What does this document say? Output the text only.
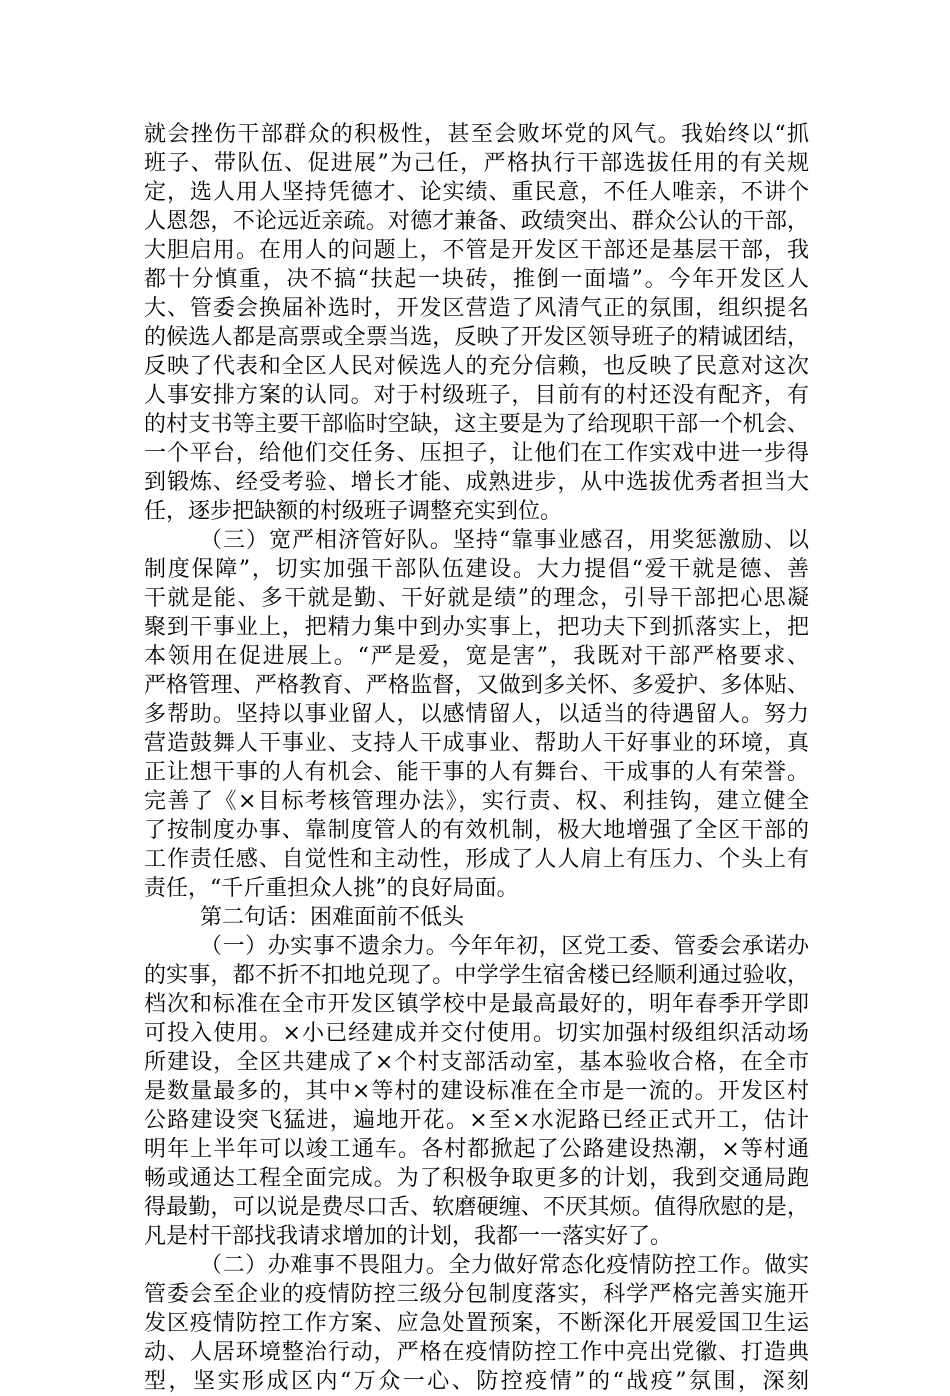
就会挫伤干部群众的积极性，甚至会败坏党的风气。我始终以“抓
班子、带队伍、促进展”为己任，严格执行干部选拔任用的有关规
定，选人用人坚持凭德才、论实绩、重民意，不任人唯亲，不讲个
人恩怨，不论远近亲疏。对德才兼备、政绩突出、群众公认的干部，
大胆启用。在用人的问题上，不管是开发区干部还是基层干部，我
都十分慎重，决不搞“扶起一块砖，推倒一面墙”。今年开发区人
大、管委会换届补选时，开发区营造了风清气正的氛围，组织提名
的候选人都是高票或全票当选，反映了开发区领导班子的精诚团结，
反映了代表和全区人民对候选人的充分信赖，也反映了民意对这次
人事安排方案的认同。对于村级班子，目前有的村还没有配齐，有
的村支书等主要干部临时空缺，这主要是为了给现职干部一个机会、
一个平台，给他们交任务、压担子，让他们在工作实戏中进一步得
到锻炼、经受考验、增长才能、成熟进步，从中选拔优秀者担当大
任，逐步把缺额的村级班子调整充实到位。
（三）宽严相济管好队。坚持“靠事业感召，用奖惩激励、以
制度保障”，切实加强干部队伍建设。大力提倡“爱干就是德、善
干就是能、多干就是勤、干好就是绩”的理念，引导干部把心思凝
聚到干事业上，把精力集中到办实事上，把功夫下到抓落实上，把
本领用在促进展上。“严是爱，宽是害”，我既对干部严格要求、
严格管理、严格教育、严格监督，又做到多关怀、多爱护、多体贴、
多帮助。坚持以事业留人，以感情留人，以适当的待遇留人。努力
营造鼓舞人干事业、支持人干成事业、帮助人干好事业的环境，真
正让想干事的人有机会、能干事的人有舞台、干成事的人有荣誉。
完善了《×目标考核管理办法》，实行责、权、利挂钩，建立健全
了按制度办事、靠制度管人的有效机制，极大地增强了全区干部的
工作责任感、自觉性和主动性，形成了人人肩上有压力、个头上有
责任，“千斤重担众人挑”的良好局面。
第二句话：困难面前不低头
（一）办实事不遗余力。今年年初，区党工委、管委会承诺办
的实事，都不折不扣地兑现了。中学学生宿舍楼已经顺利通过验收，
档次和标准在全市开发区镇学校中是最高最好的，明年春季开学即
可投入使用。×小已经建成并交付使用。切实加强村级组织活动场
所建设，全区共建成了×个村支部活动室，基本验收合格，在全市
是数量最多的，其中×等村的建设标准在全市是一流的。开发区村
公路建设突飞猛进，遍地开花。×至×水泥路已经正式开工，估计
明年上半年可以竣工通车。各村都掀起了公路建设热潮，×等村通
畅或通达工程全面完成。为了积极争取更多的计划，我到交通局跑
得最勤，可以说是费尽口舌、软磨硬缠、不厌其烦。值得欣慰的是，
凡是村干部找我请求增加的计划，我都一一落实好了。
（二）办难事不畏阻力。全力做好常态化疫情防控工作。做实
管委会至企业的疫情防控三级分包制度落实，科学严格完善实施开
发区疫情防控工作方案、应急处置预案，不断深化开展爱国卫生运
动、人居环境整治行动，严格在疫情防控工作中亮出党徽、打造典
型，坚实形成区内“万众一心、防控疫情”的“战疫”氛围，深刻
